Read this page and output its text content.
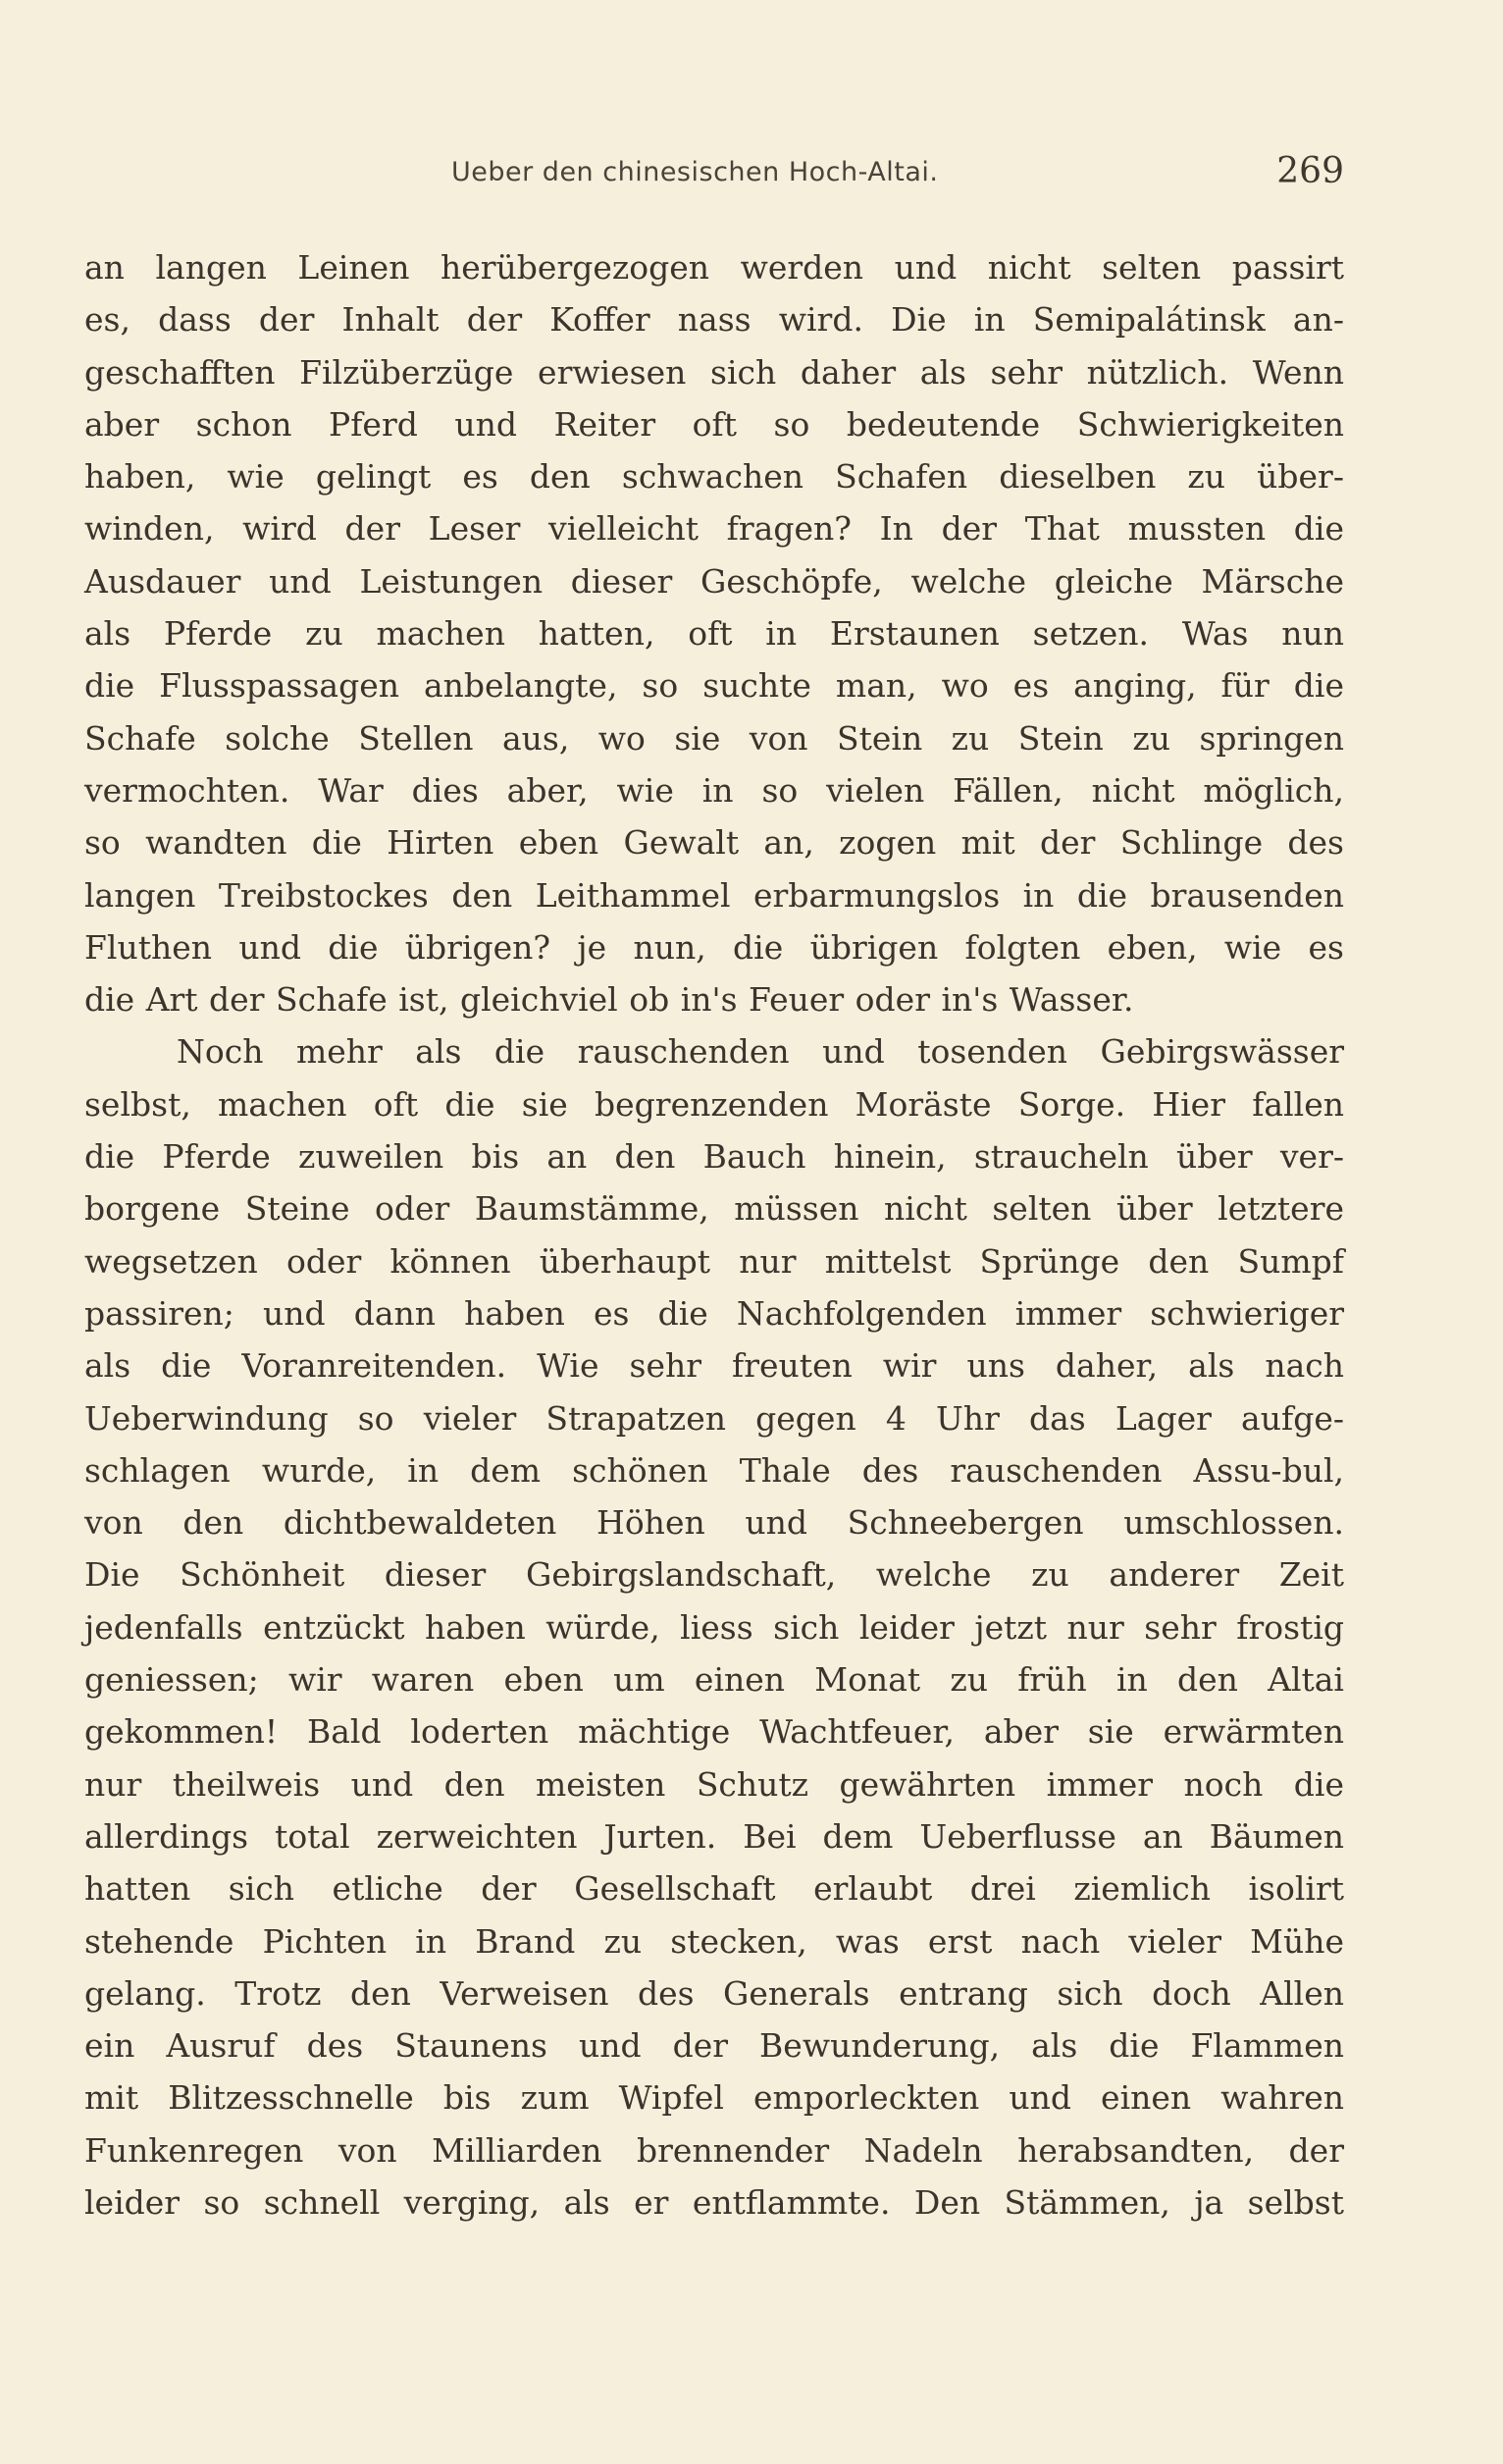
Ueber den chinesischen Hoch-Altai.	269
an langen Leinen herübergezogen werden und nicht selten passirt
es, dass der Inhalt der Koffer nass wird. Die in Semipalátinsk an-
geschafften Filzüberzüge erwiesen sich daher als sehr nützlich. Wenn
aber schon Pferd und Reiter oft so bedeutende Schwierigkeiten
haben, wie gelingt es den schwachen Schafen dieselben zu über-
winden, wird der Leser vielleicht fragen? In der That mussten die
Ausdauer und Leistungen dieser Geschöpfe, welche gleiche Märsche
als Pferde zu machen hatten, oft in Erstaunen setzen. Was nun
die Flusspassagen anbelangte, so suchte man, wo es anging, für die
Schafe solche Stellen aus, wo sie von Stein zu Stein zu springen
vermochten. War dies aber, wie in so vielen Fällen, nicht möglich,
so wandten die Hirten eben Gewalt an, zogen mit der Schlinge des
langen Treibstockes den Leithammel erbarmungslos in die brausenden
Fluthen und die übrigen? je nun, die übrigen folgten eben, wie es
die Art der Schafe ist, gleichviel ob in's Feuer oder in's Wasser.
Noch mehr als die rauschenden und tosenden Gebirgswässer
selbst, machen oft die sie begrenzenden Moräste Sorge. Hier fallen
die Pferde zuweilen bis an den Bauch hinein, straucheln über ver-
borgene Steine oder Baumstämme, müssen nicht selten über letztere
wegsetzen oder können überhaupt nur mittelst Sprünge den Sumpf
passiren; und dann haben es die Nachfolgenden immer schwieriger
als die Voranreitenden. Wie sehr freuten wir uns daher, als nach
Ueberwindung so vieler Strapatzen gegen 4 Uhr das Lager aufge-
schlagen wurde, in dem schönen Thale des rauschenden Assu-bul,
von den dichtbewaldeten Höhen und Schneebergen umschlossen.
Die Schönheit dieser Gebirgslandschaft, welche zu anderer Zeit
jedenfalls entzückt haben würde, liess sich leider jetzt nur sehr frostig
geniessen; wir waren eben um einen Monat zu früh in den Altai
gekommen! Bald loderten mächtige Wachtfeuer, aber sie erwärmten
nur theilweis und den meisten Schutz gewährten immer noch die
allerdings total zerweichten Jurten. Bei dem Ueberflusse an Bäumen
hatten sich etliche der Gesellschaft erlaubt drei ziemlich isolirt
stehende Pichten in Brand zu stecken, was erst nach vieler Mühe
gelang. Trotz den Verweisen des Generals entrang sich doch Allen
ein Ausruf des Staunens und der Bewunderung, als die Flammen
mit Blitzesschnelle bis zum Wipfel emporleckten und einen wahren
Funkenregen von Milliarden brennender Nadeln herabsandten, der
leider so schnell verging, als er entflammte. Den Stämmen, ja selbst
